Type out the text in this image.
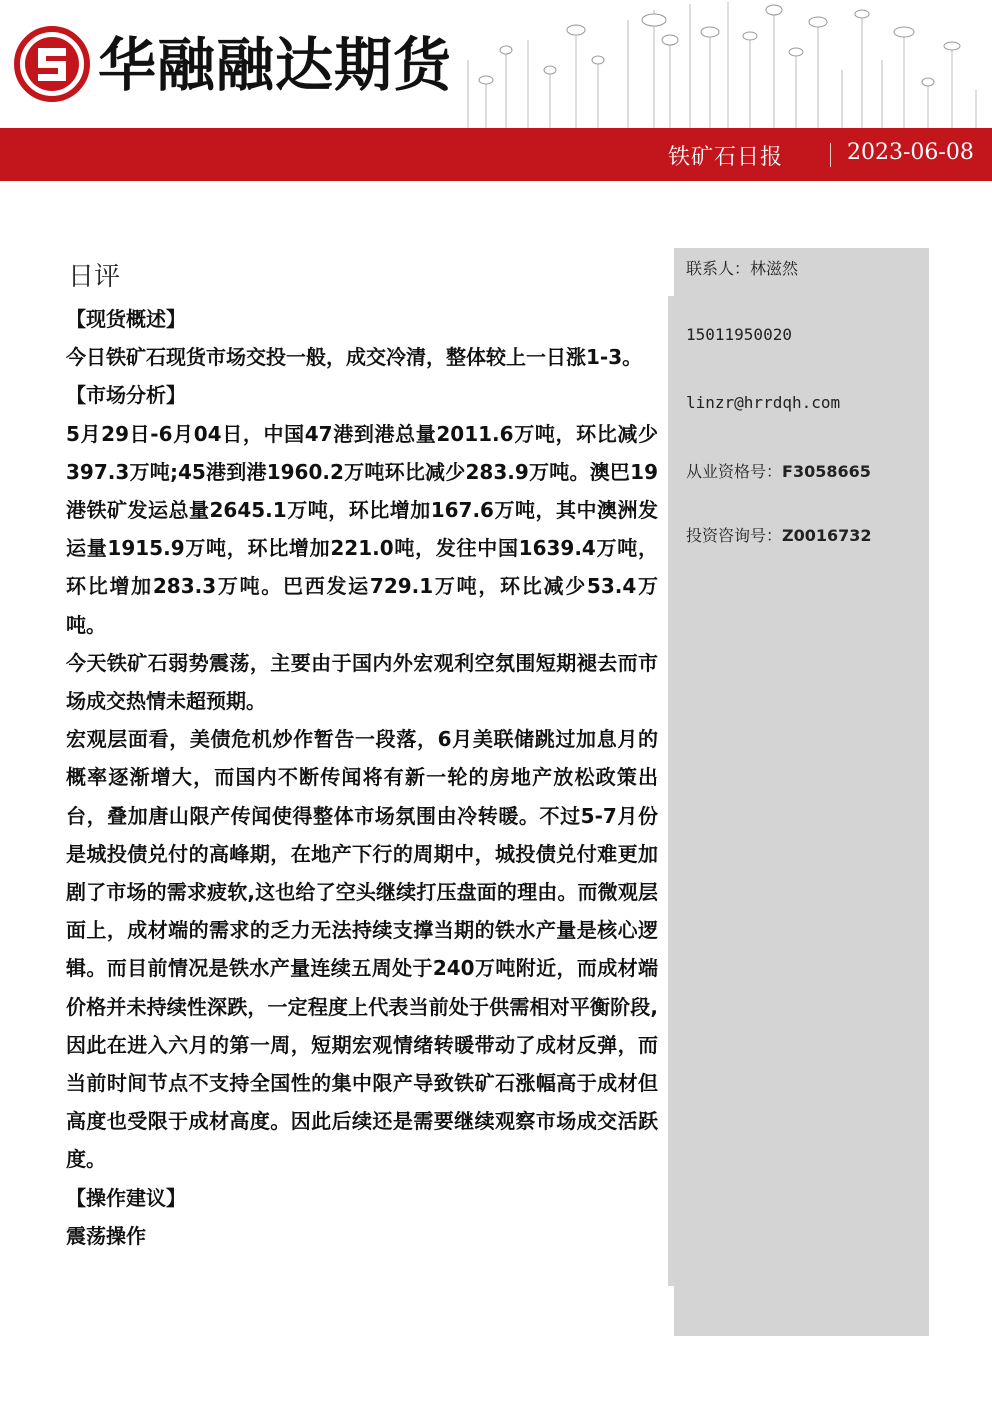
华融融达期货
铁矿石日报	2023-06-08
联系人：林滋然
15011950020
linzr@hrrdqh.com
从业资格号：F3058665
投资咨询号：Z0016732
日评

【现货概述】

今日铁矿石现货市场交投一般，成交冷清，整体较上一日涨1-3。

【市场分析】

5月29日-6月04日，中国47港到港总量2011.6万吨，环比减少397.3万吨;45港到港1960.2万吨环比减少283.9万吨。澳巴19港铁矿发运总量2645.1万吨，环比增加167.6万吨，其中澳洲发运量1915.9万吨，环比增加221.0吨，发往中国1639.4万吨，环比增加283.3万吨。巴西发运729.1万吨，环比减少53.4万吨。

今天铁矿石弱势震荡，主要由于国内外宏观利空氛围短期褪去而市场成交热情未超预期。

宏观层面看，美债危机炒作暂告一段落，6月美联储跳过加息月的概率逐渐增大，而国内不断传闻将有新一轮的房地产放松政策出台，叠加唐山限产传闻使得整体市场氛围由冷转暖。不过5-7月份是城投债兑付的高峰期，在地产下行的周期中，城投债兑付难更加剧了市场的需求疲软,这也给了空头继续打压盘面的理由。而微观层面上，成材端的需求的乏力无法持续支撑当期的铁水产量是核心逻辑。而目前情况是铁水产量连续五周处于240万吨附近，而成材端价格并未持续性深跌，一定程度上代表当前处于供需相对平衡阶段,因此在进入六月的第一周，短期宏观情绪转暖带动了成材反弹，而当前时间节点不支持全国性的集中限产导致铁矿石涨幅高于成材但高度也受限于成材高度。因此后续还是需要继续观察市场成交活跃度。

【操作建议】

震荡操作
